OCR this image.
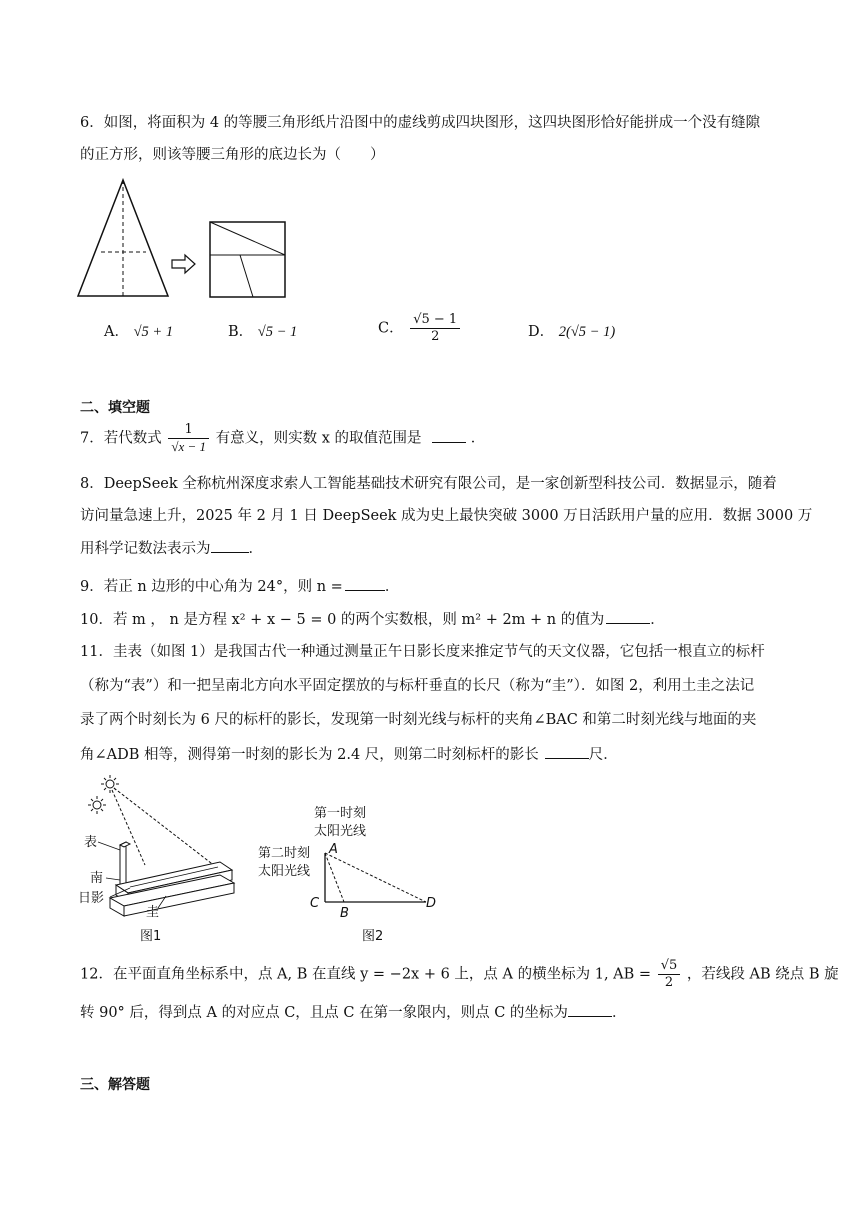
6．如图，将面积为 4 的等腰三角形纸片沿图中的虚线剪成四块图形，这四块图形恰好能拼成一个没有缝隙
的正方形，则该等腰三角形的底边长为（　　）
A． √5 + 1	B． √5 − 1	C． $\frac{√5 - 1}{2}$	D． 2(√5 − 1)
二、填空题
7．若代数式 $\frac{1}{√x - 1}$ 有意义，则实数 x 的取值范围是	．
8．DeepSeek 全称杭州深度求索人工智能基础技术研究有限公司，是一家创新型科技公司．数据显示，随着
访问量急速上升，2025 年 2 月 1 日 DeepSeek 成为史上最快突破 3000 万日活跃用户量的应用．数据 3000 万
用科学记数法表示为	．
9．若正 n 边形的中心角为 24°，则 n =	．
10．若 m ， n 是方程 x² + x − 5 = 0 的两个实数根，则 m² + 2m + n 的值为	．
11．圭表（如图 1）是我国古代一种通过测量正午日影长度来推定节气的天文仪器，它包括一根直立的标杆
（称为“表”）和一把呈南北方向水平固定摆放的与标杆垂直的长尺（称为“圭”）．如图 2，利用土圭之法记
录了两个时刻长为 6 尺的标杆的影长，发现第一时刻光线与标杆的夹角∠BAC 和第二时刻光线与地面的夹
角∠ADB 相等，测得第一时刻的影长为 2.4 尺，则第二时刻标杆的影长	尺．
表
南
日影
圭
图1
第一时刻
太阳光线
第二时刻
太阳光线
A
B
C	D
图2
12．在平面直角坐标系中，点 A, B 在直线 y = −2x + 6 上，点 A 的横坐标为 1, AB = $\frac{√5}{2}$ ，若线段 AB 绕点 B 旋
转 90° 后，得到点 A 的对应点 C，且点 C 在第一象限内，则点 C 的坐标为	．
三、解答题
